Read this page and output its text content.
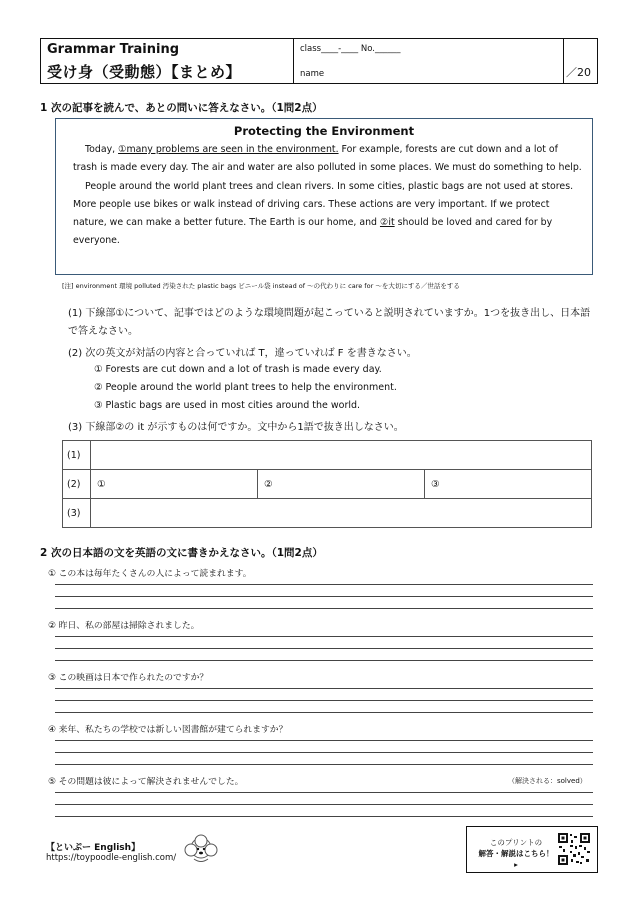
Grammar Training
受け身（受動態）【まとめ】
class____-____ No.______
name	／20
1 次の記事を読んで、あとの問いに答えなさい。（1問2点）
Protecting the Environment

Today, ①many problems are seen in the environment. For example, forests are cut down and a lot of trash is made every day. The air and water are also polluted in some places. We must do something to help.

People around the world plant trees and clean rivers. In some cities, plastic bags are not used at stores. More people use bikes or walk instead of driving cars. These actions are very important. If we protect nature, we can make a better future. The Earth is our home, and ②it should be loved and cared for by everyone.

[注] environment 環境 polluted 汚染された plastic bags ビニール袋 instead of ～の代わりに care for ～を大切にする／世話をする
(1) 下線部①について、記事ではどのような環境問題が起こっていると説明されていますか。1つを抜き出し、日本語で答えなさい。
(2) 次の英文が対話の内容と合っていれば T，違っていれば F を書きなさい。
① Forests are cut down and a lot of trash is made every day.
② People around the world plant trees to help the environment.
③ Plastic bags are used in most cities around the world.
(3) 下線部②の it が示すものは何ですか。文中から1語で抜き出しなさい。
(1)			
(2)	①	②	③
(3)			
2 次の日本語の文を英語の文に書きかえなさい。（1問2点）
① この本は毎年たくさんの人によって読まれます。
② 昨日、私の部屋は掃除されました。
③ この映画は日本で作られたのですか？
④ 来年、私たちの学校では新しい図書館が建てられますか？
⑤ その問題は彼によって解決されませんでした。	（解決される：solved）
【といぷー English】
https://toypoodle-english.com/
このプリントの
解答・解説はこちら！▸
